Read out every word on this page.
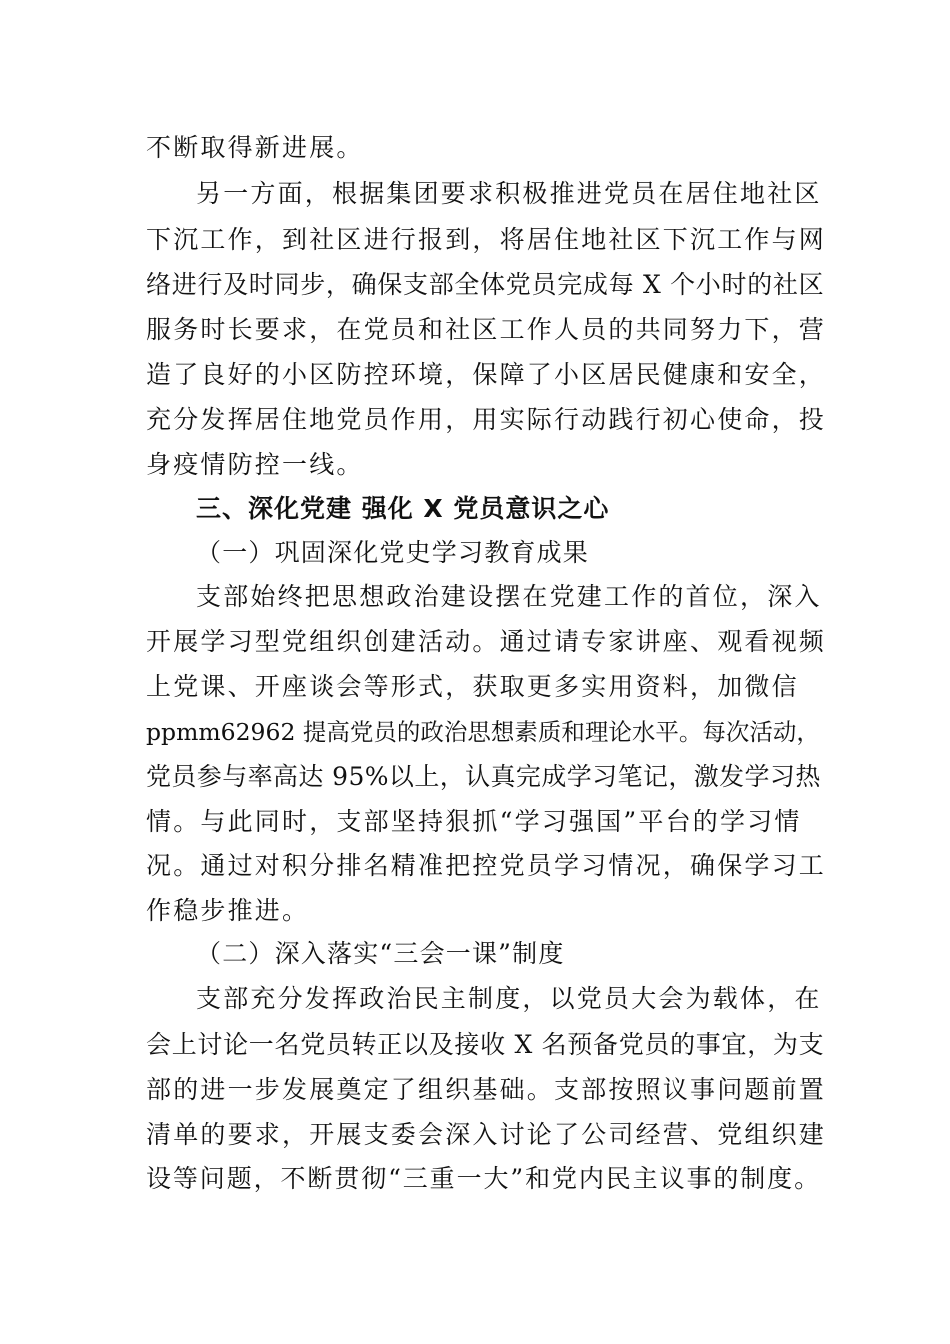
不断取得新进展。
另一方面，根据集团要求积极推进党员在居住地社区
下沉工作，到社区进行报到，将居住地社区下沉工作与网
络进行及时同步，确保支部全体党员完成每 X 个小时的社区
服务时长要求，在党员和社区工作人员的共同努力下，营
造了良好的小区防控环境，保障了小区居民健康和安全，
充分发挥居住地党员作用，用实际行动践行初心使命，投
身疫情防控一线。
三、深化党建 强化 X 党员意识之心
（一）巩固深化党史学习教育成果
支部始终把思想政治建设摆在党建工作的首位，深入
开展学习型党组织创建活动。通过请专家讲座、观看视频
上党课、开座谈会等形式，获取更多实用资料，加微信
ppmm62962 提高党员的政治思想素质和理论水平。每次活动，
党员参与率高达 95%以上，认真完成学习笔记，激发学习热
情。与此同时，支部坚持狠抓“学习强国”平台的学习情
况。通过对积分排名精准把控党员学习情况，确保学习工
作稳步推进。
（二）深入落实“三会一课”制度
支部充分发挥政治民主制度，以党员大会为载体，在
会上讨论一名党员转正以及接收 X 名预备党员的事宜，为支
部的进一步发展奠定了组织基础。支部按照议事问题前置
清单的要求，开展支委会深入讨论了公司经营、党组织建
设等问题，不断贯彻“三重一大”和党内民主议事的制度。
